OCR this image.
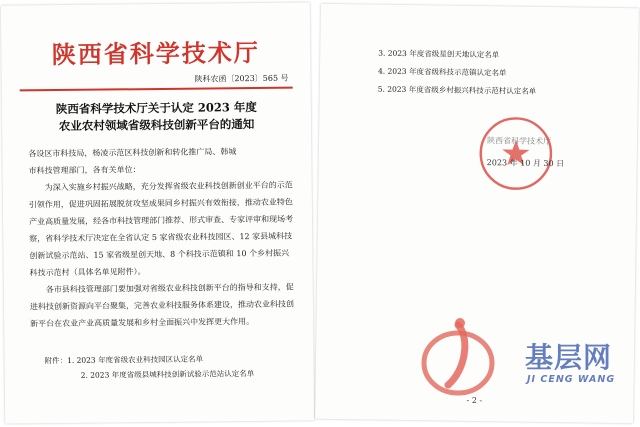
陕西省科学技术厅
陕科农函〔2023〕565 号
陕西省科学技术厅关于认定 2023 年度
农业农村领域省级科技创新平台的通知
各设区市科技局，杨凌示范区科技创新和转化推广局、韩城
市科技管理部门，各有关单位：
为深入实施乡村振兴战略，充分发挥省级农业科技创新创业平台的示范引领作用，促进巩固拓展脱贫攻坚成果同乡村振兴有效衔接，推动农业特色产业高质量发展，经各市科技管理部门推荐、形式审查、专家评审和现场考察，省科学技术厅决定在全省认定 5 家省级农业科技园区、12 家县城科技创新试验示范站、15 家省级星创天地、8 个科技示范镇和 10 个乡村振兴科技示范村（具体名单见附件）。
各市县科技管理部门要加强对省级农业科技创新平台的指导和支持，促进科技创新资源向平台聚集，完善农业科技服务体系建设，推动农业科技创新平台在农业产业高质量发展和乡村全面振兴中发挥更大作用。
附件：1. 2023 年度省级农业科技园区认定名单
2. 2023 年度省级县城科技创新试验示范站认定名单
3. 2023 年度省级星创天地认定名单
4. 2023 年度省级科技示范镇认定名单
5. 2023 年度省级乡村振兴科技示范村认定名单
陕西省科学技术厅
2023 年 10 月 30 日
- 2 -
基层网
JI CENG WANG
